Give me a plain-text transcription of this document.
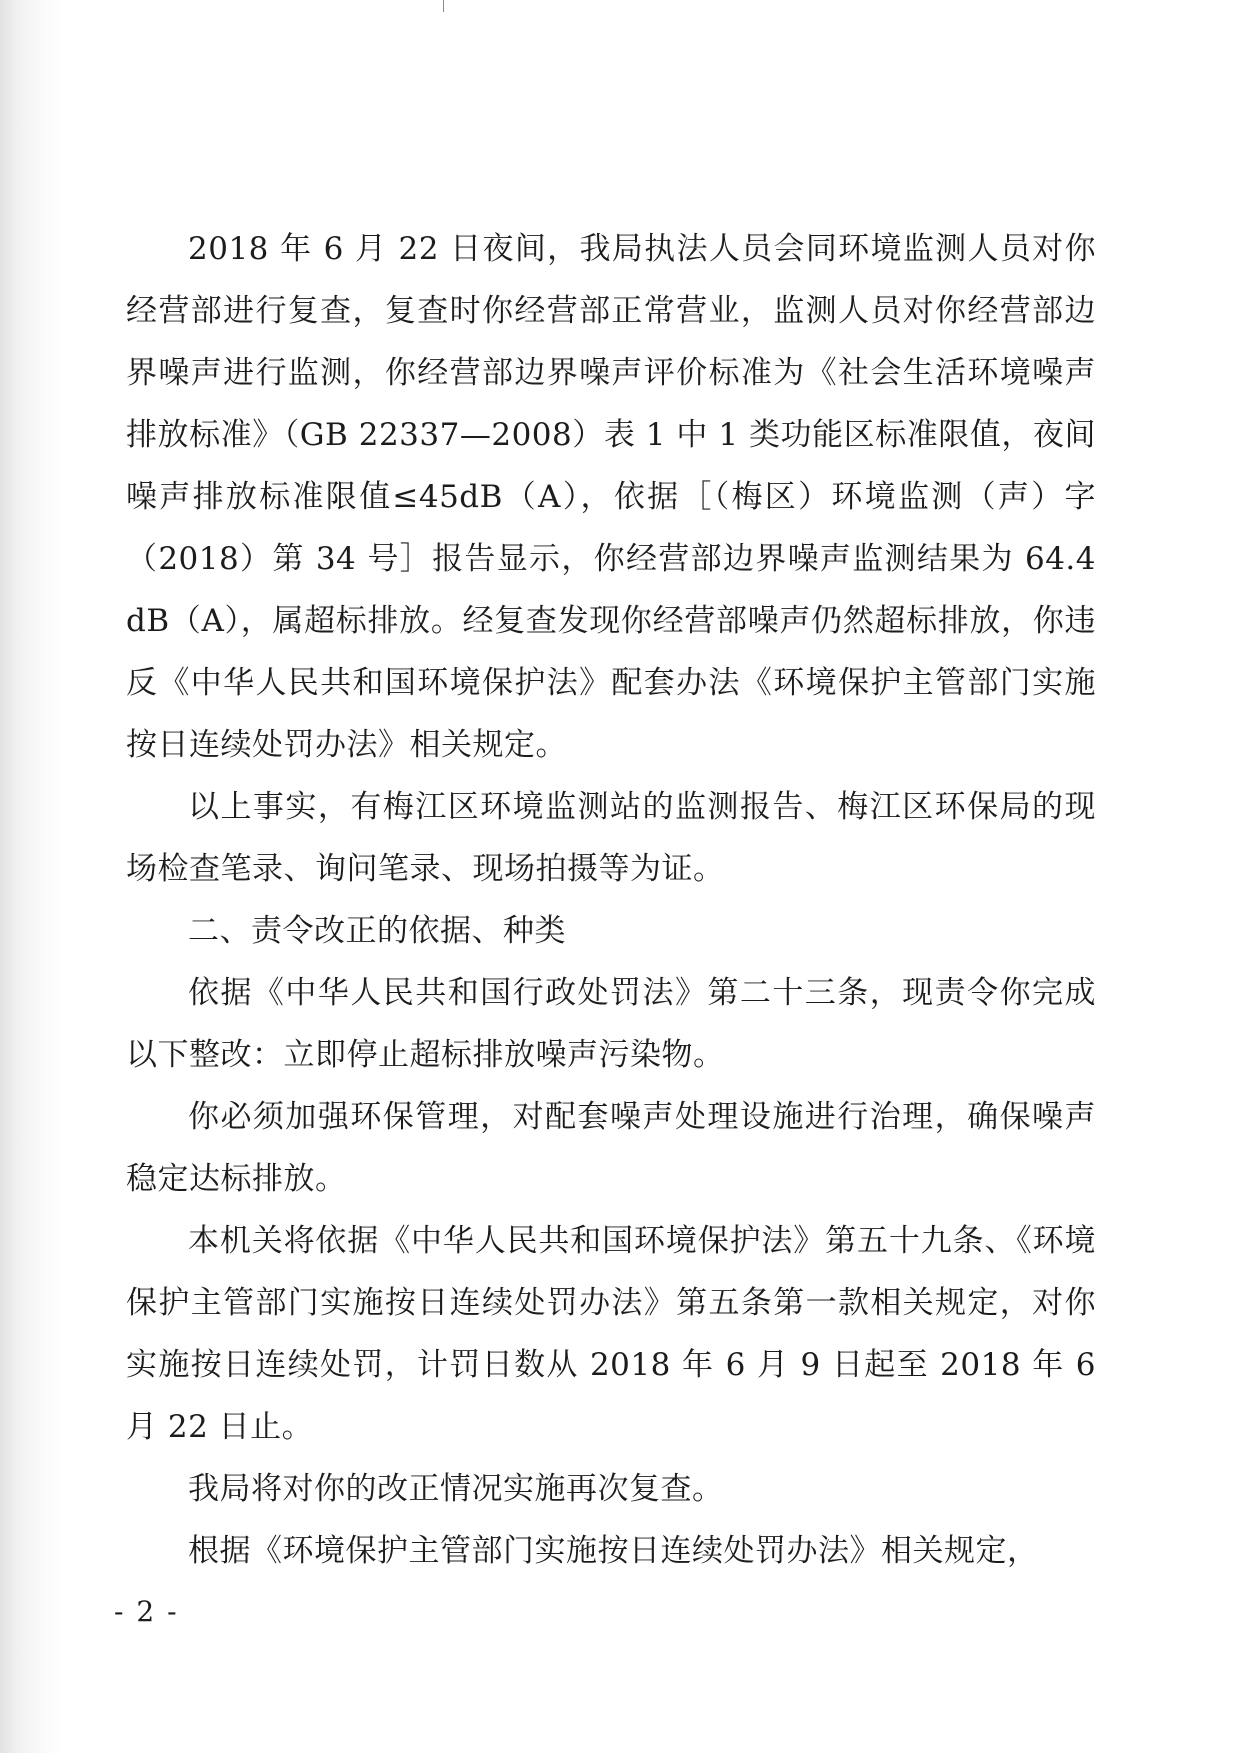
2018 年 6 月 22 日夜间，我局执法人员会同环境监测人员对你经营部进行复查，复查时你经营部正常营业，监测人员对你经营部边界噪声进行监测，你经营部边界噪声评价标准为《社会生活环境噪声排放标准》（GB 22337—2008）表 1 中 1 类功能区标准限值，夜间噪声排放标准限值≤45dB（A），依据［（梅区）环境监测（声）字（2018）第 34 号］报告显示，你经营部边界噪声监测结果为 64.4 dB（A），属超标排放。经复查发现你经营部噪声仍然超标排放，你违反《中华人民共和国环境保护法》配套办法《环境保护主管部门实施按日连续处罚办法》相关规定。

以上事实，有梅江区环境监测站的监测报告、梅江区环保局的现场检查笔录、询问笔录、现场拍摄等为证。

二、责令改正的依据、种类

依据《中华人民共和国行政处罚法》第二十三条，现责令你完成以下整改：立即停止超标排放噪声污染物。

你必须加强环保管理，对配套噪声处理设施进行治理，确保噪声稳定达标排放。

本机关将依据《中华人民共和国环境保护法》第五十九条、《环境保护主管部门实施按日连续处罚办法》第五条第一款相关规定，对你实施按日连续处罚，计罚日数从 2018 年 6 月 9 日起至 2018 年 6 月 22 日止。

我局将对你的改正情况实施再次复查。

根据《环境保护主管部门实施按日连续处罚办法》相关规定，

- 2 -
